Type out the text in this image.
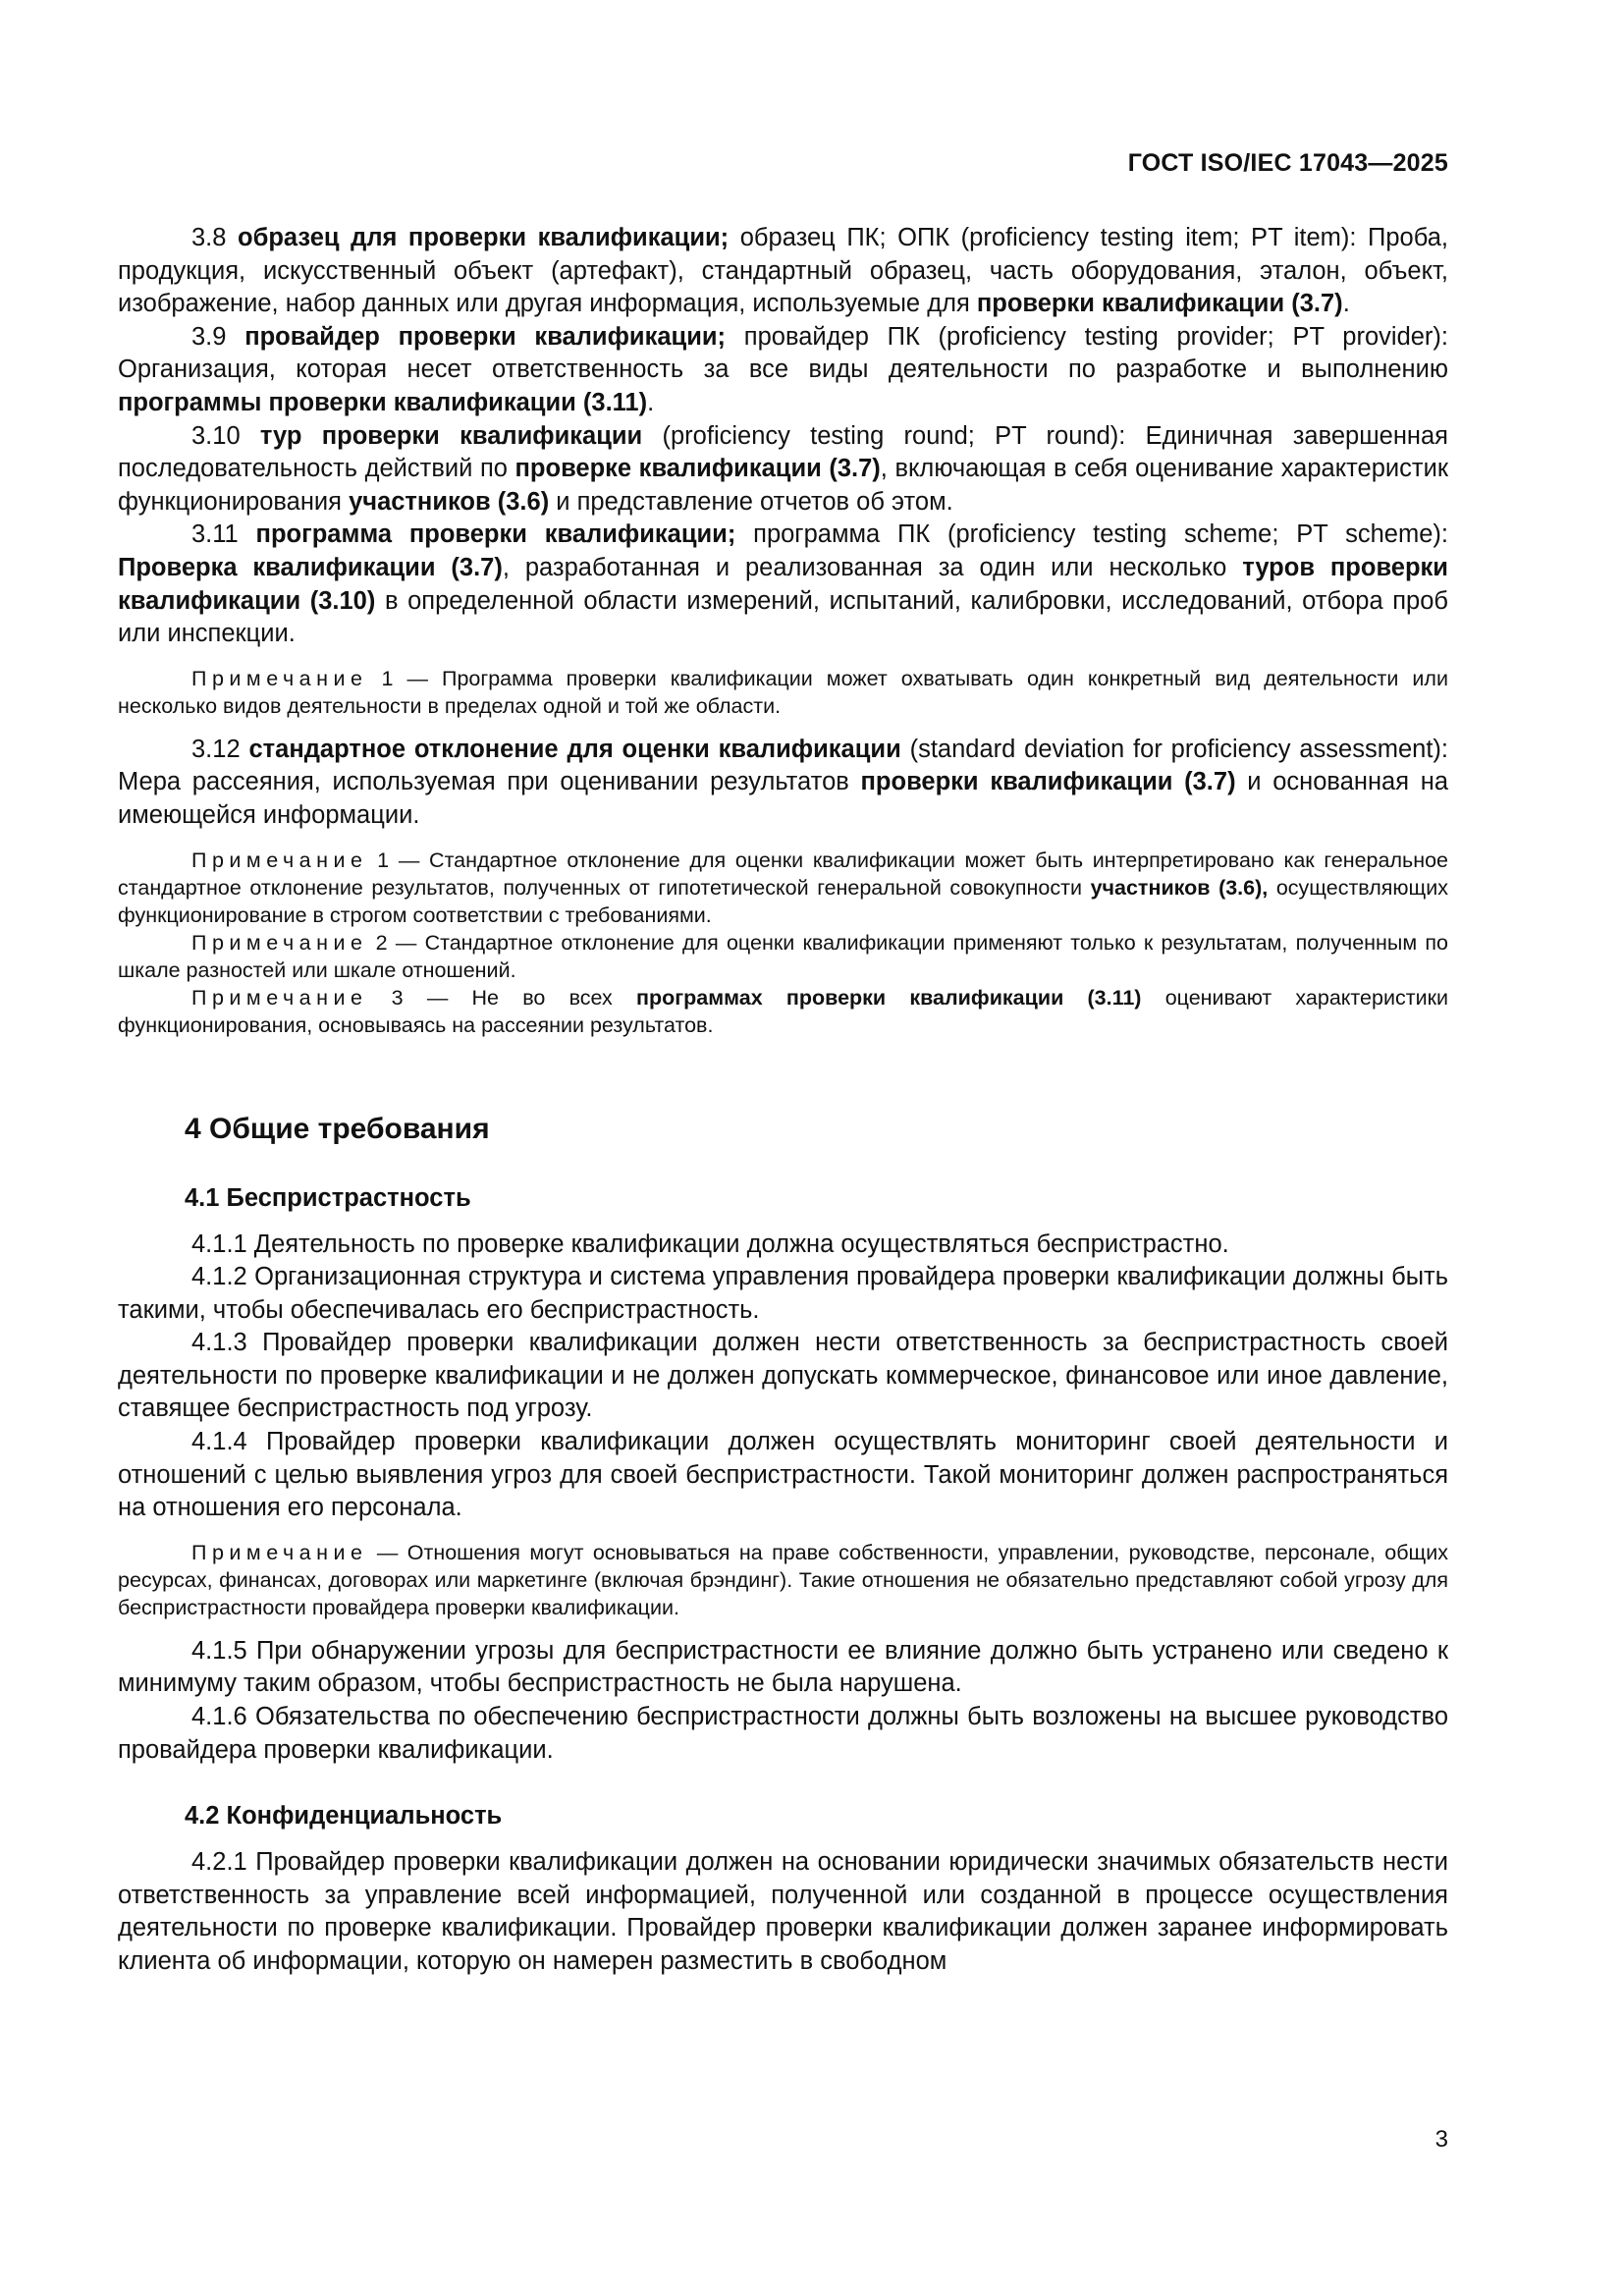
ГОСТ ISO/IEC 17043—2025

3.8 образец для проверки квалификации; образец ПК; ОПК (proficiency testing item; PT item): Проба, продукция, искусственный объект (артефакт), стандартный образец, часть оборудования, эталон, объект, изображение, набор данных или другая информация, используемые для проверки квалификации (3.7).

3.9 провайдер проверки квалификации; провайдер ПК (proficiency testing provider; PT provider): Организация, которая несет ответственность за все виды деятельности по разработке и выполнению программы проверки квалификации (3.11).

3.10 тур проверки квалификации (proficiency testing round; PT round): Единичная завершенная последовательность действий по проверке квалификации (3.7), включающая в себя оценивание характеристик функционирования участников (3.6) и представление отчетов об этом.

3.11 программа проверки квалификации; программа ПК (proficiency testing scheme; PT scheme): Проверка квалификации (3.7), разработанная и реализованная за один или несколько туров проверки квалификации (3.10) в определенной области измерений, испытаний, калибровки, исследований, отбора проб или инспекции.

Примечание 1 — Программа проверки квалификации может охватывать один конкретный вид деятельности или несколько видов деятельности в пределах одной и той же области.

3.12 стандартное отклонение для оценки квалификации (standard deviation for proficiency assessment): Мера рассеяния, используемая при оценивании результатов проверки квалификации (3.7) и основанная на имеющейся информации.

Примечание 1 — Стандартное отклонение для оценки квалификации может быть интерпретировано как генеральное стандартное отклонение результатов, полученных от гипотетической генеральной совокупности участников (3.6), осуществляющих функционирование в строгом соответствии с требованиями.

Примечание 2 — Стандартное отклонение для оценки квалификации применяют только к результатам, полученным по шкале разностей или шкале отношений.

Примечание 3 — Не во всех программах проверки квалификации (3.11) оценивают характеристики функционирования, основываясь на рассеянии результатов.

4 Общие требования
4.1 Беспристрастность

4.1.1 Деятельность по проверке квалификации должна осуществляться беспристрастно.

4.1.2 Организационная структура и система управления провайдера проверки квалификации должны быть такими, чтобы обеспечивалась его беспристрастность.

4.1.3 Провайдер проверки квалификации должен нести ответственность за беспристрастность своей деятельности по проверке квалификации и не должен допускать коммерческое, финансовое или иное давление, ставящее беспристрастность под угрозу.

4.1.4 Провайдер проверки квалификации должен осуществлять мониторинг своей деятельности и отношений с целью выявления угроз для своей беспристрастности. Такой мониторинг должен распространяться на отношения его персонала.

Примечание — Отношения могут основываться на праве собственности, управлении, руководстве, персонале, общих ресурсах, финансах, договорах или маркетинге (включая брэндинг). Такие отношения не обязательно представляют собой угрозу для беспристрастности провайдера проверки квалификации.

4.1.5 При обнаружении угрозы для беспристрастности ее влияние должно быть устранено или сведено к минимуму таким образом, чтобы беспристрастность не была нарушена.

4.1.6 Обязательства по обеспечению беспристрастности должны быть возложены на высшее руководство провайдера проверки квалификации.

4.2 Конфиденциальность

4.2.1 Провайдер проверки квалификации должен на основании юридически значимых обязательств нести ответственность за управление всей информацией, полученной или созданной в процессе осуществления деятельности по проверке квалификации. Провайдер проверки квалификации должен заранее информировать клиента об информации, которую он намерен разместить в свободном

3
